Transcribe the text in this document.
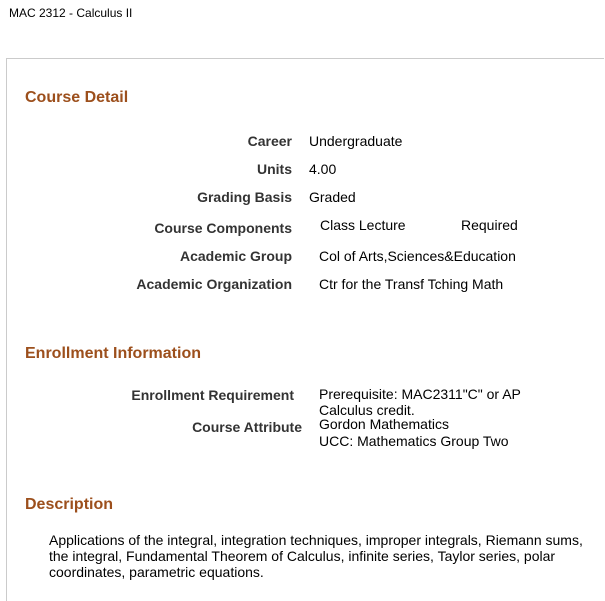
MAC 2312 - Calculus II
Course Detail
Career Undergraduate
Units 4.00
Grading Basis Graded
Course Components Class Lecture	Required
Academic Group Col of Arts,Sciences&Education
Academic Organization Ctr for the Transf Tching Math
Enrollment Information
Enrollment Requirement Prerequisite: MAC2311"C" or AP Calculus credit.
Course Attribute Gordon Mathematics
UCC: Mathematics Group Two
Description
Applications of the integral, integration techniques, improper integrals, Riemann sums, the integral, Fundamental Theorem of Calculus, infinite series, Taylor series, polar coordinates, parametric equations.
